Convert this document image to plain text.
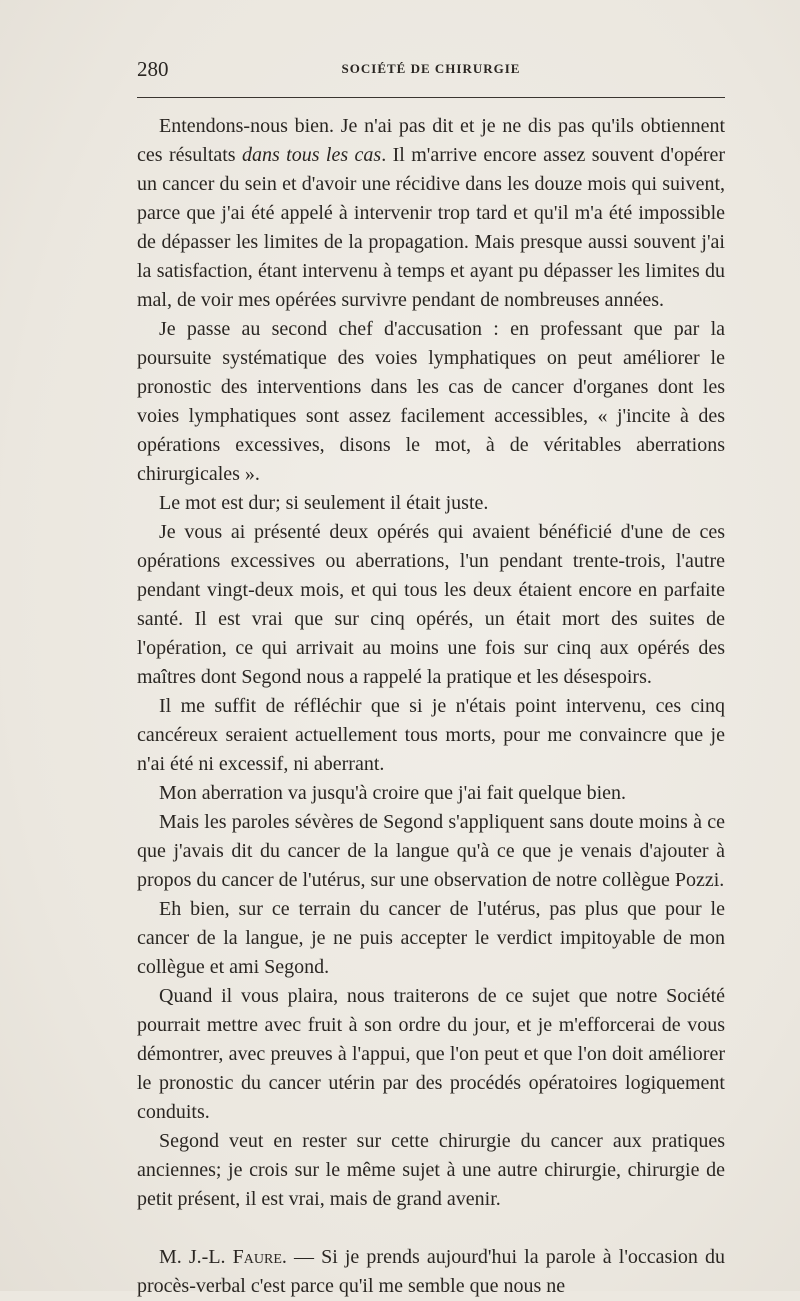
280	SOCIÉTÉ DE CHIRURGIE

Entendons-nous bien. Je n'ai pas dit et je ne dis pas qu'ils obtiennent ces résultats dans tous les cas. Il m'arrive encore assez souvent d'opérer un cancer du sein et d'avoir une récidive dans les douze mois qui suivent, parce que j'ai été appelé à intervenir trop tard et qu'il m'a été impossible de dépasser les limites de la propagation. Mais presque aussi souvent j'ai la satisfaction, étant intervenu à temps et ayant pu dépasser les limites du mal, de voir mes opérées survivre pendant de nombreuses années.

Je passe au second chef d'accusation : en professant que par la poursuite systématique des voies lymphatiques on peut améliorer le pronostic des interventions dans les cas de cancer d'organes dont les voies lymphatiques sont assez facilement accessibles, « j'incite à des opérations excessives, disons le mot, à de véritables aberrations chirurgicales ».

Le mot est dur; si seulement il était juste.

Je vous ai présenté deux opérés qui avaient bénéficié d'une de ces opérations excessives ou aberrations, l'un pendant trente-trois, l'autre pendant vingt-deux mois, et qui tous les deux étaient encore en parfaite santé. Il est vrai que sur cinq opérés, un était mort des suites de l'opération, ce qui arrivait au moins une fois sur cinq aux opérés des maîtres dont Segond nous a rappelé la pratique et les désespoirs.

Il me suffit de réfléchir que si je n'étais point intervenu, ces cinq cancéreux seraient actuellement tous morts, pour me convaincre que je n'ai été ni excessif, ni aberrant.

Mon aberration va jusqu'à croire que j'ai fait quelque bien.

Mais les paroles sévères de Segond s'appliquent sans doute moins à ce que j'avais dit du cancer de la langue qu'à ce que je venais d'ajouter à propos du cancer de l'utérus, sur une observation de notre collègue Pozzi.

Eh bien, sur ce terrain du cancer de l'utérus, pas plus que pour le cancer de la langue, je ne puis accepter le verdict impitoyable de mon collègue et ami Segond.

Quand il vous plaira, nous traiterons de ce sujet que notre Société pourrait mettre avec fruit à son ordre du jour, et je m'efforcerai de vous démontrer, avec preuves à l'appui, que l'on peut et que l'on doit améliorer le pronostic du cancer utérin par des procédés opératoires logiquement conduits.

Segond veut en rester sur cette chirurgie du cancer aux pratiques anciennes; je crois sur le même sujet à une autre chirurgie, chirurgie de petit présent, il est vrai, mais de grand avenir.

M. J.-L. Faure. — Si je prends aujourd'hui la parole à l'occasion du procès-verbal c'est parce qu'il me semble que nous ne
